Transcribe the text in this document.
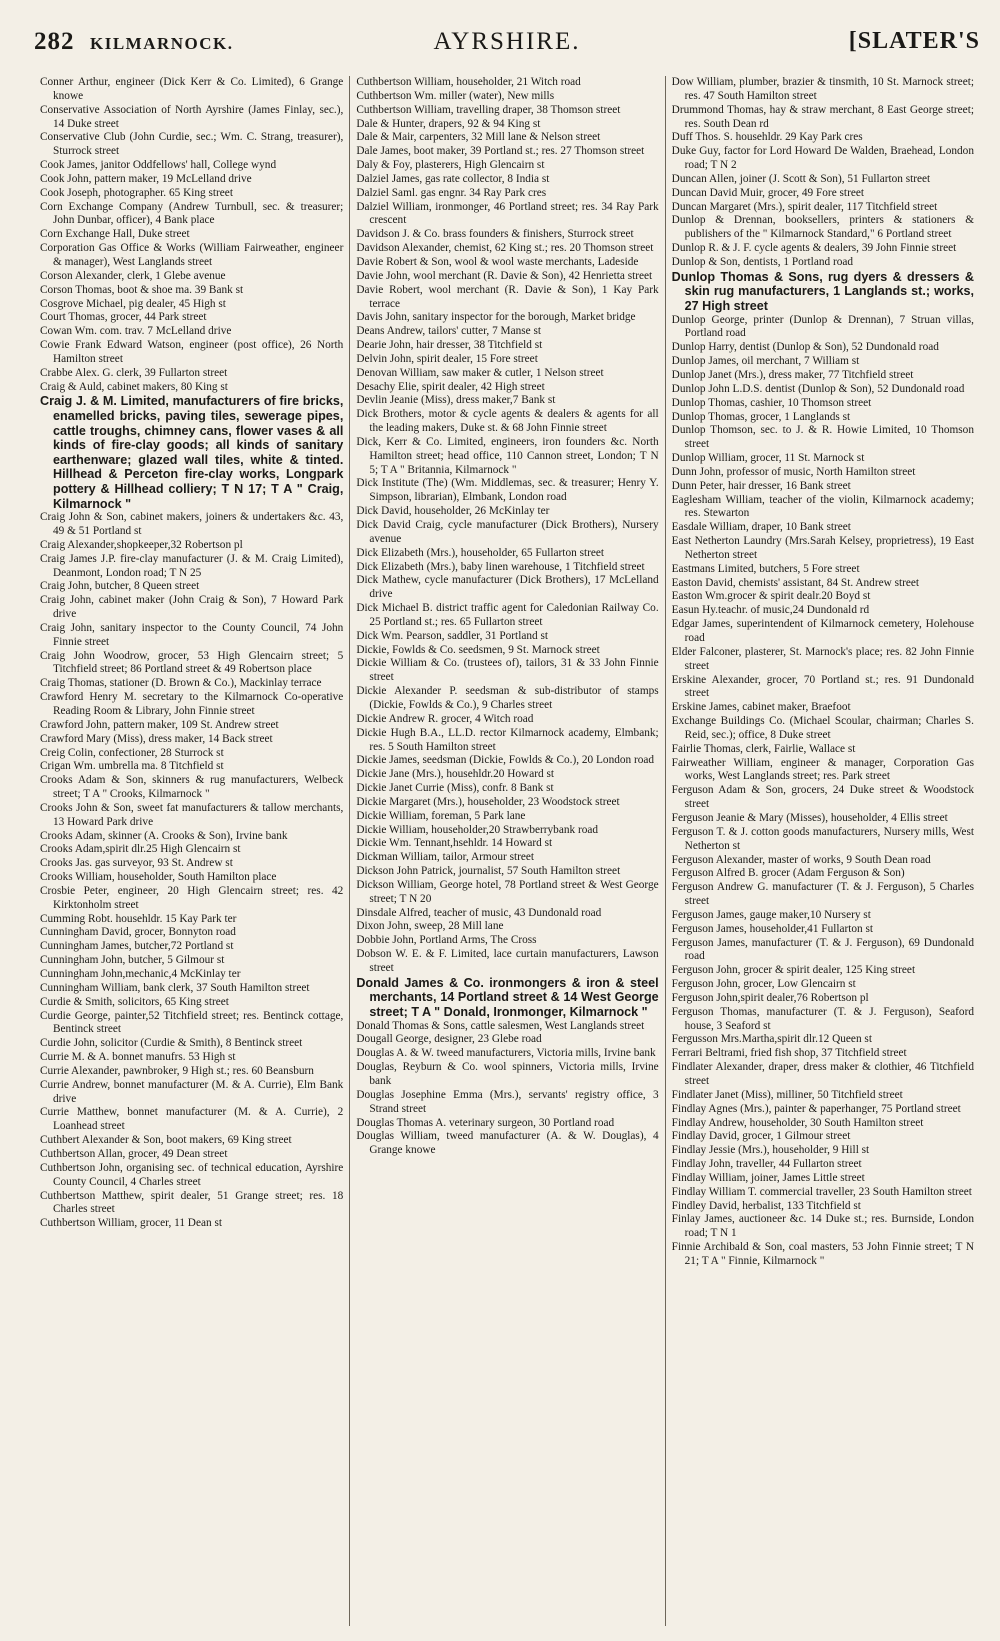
282 KILMARNOCK.	AYRSHIRE.	[SLATER'S
Conner Arthur, engineer (Dick Kerr & Co. Limited), 6 Grange knowe
Conservative Association of North Ayrshire (James Finlay, sec.), 14 Duke street
Conservative Club (John Curdie, sec.; Wm. C. Strang, treasurer), Sturrock street
Cook James, janitor Oddfellows' hall, College wynd
Cook John, pattern maker, 19 McLelland drive
Cook Joseph, photographer. 65 King street
Corn Exchange Company (Andrew Turnbull, sec. & treasurer; John Dunbar, officer), 4 Bank place
Corn Exchange Hall, Duke street
Corporation Gas Office & Works (William Fairweather, engineer & manager), West Langlands street
Corson Alexander, clerk, 1 Glebe avenue
Corson Thomas, boot & shoe ma. 39 Bank st
Cosgrove Michael, pig dealer, 45 High st
Court Thomas, grocer, 44 Park street
Cowan Wm. com. trav. 7 McLelland drive
Cowie Frank Edward Watson, engineer (post office), 26 North Hamilton street
Crabbe Alex. G. clerk, 39 Fullarton street
Craig & Auld, cabinet makers, 80 King st
Craig J. & M. Limited, manufacturers of fire bricks, enamelled bricks, paving tiles, sewerage pipes, cattle troughs, chimney cans, flower vases & all kinds of fire-clay goods; all kinds of sanitary earthenware; glazed wall tiles, white & tinted. Hillhead & Perceton fire-clay works, Longpark pottery & Hillhead colliery; T N 17; T A " Craig, Kilmarnock "
Craig John & Son, cabinet makers, joiners & undertakers &c. 43, 49 & 51 Portland st
Craig Alexander,shopkeeper,32 Robertson pl
Craig James J.P. fire-clay manufacturer (J. & M. Craig Limited), Deanmont, London road; T N 25
Craig John, butcher, 8 Queen street
Craig John, cabinet maker (John Craig & Son), 7 Howard Park drive
Craig John, sanitary inspector to the County Council, 74 John Finnie street
Craig John Woodrow, grocer, 53 High Glencairn street; 5 Titchfield street; 86 Portland street & 49 Robertson place
Craig Thomas, stationer (D. Brown & Co.), Mackinlay terrace
Crawford Henry M. secretary to the Kilmarnock Co-operative Reading Room & Library, John Finnie street
Crawford John, pattern maker, 109 St. Andrew street
Crawford Mary (Miss), dress maker, 14 Back street
Creig Colin, confectioner, 28 Sturrock st
Crigan Wm. umbrella ma. 8 Titchfield st
Crooks Adam & Son, skinners & rug manufacturers, Welbeck street; T A " Crooks, Kilmarnock "
Crooks John & Son, sweet fat manufacturers & tallow merchants, 13 Howard Park drive
Crooks Adam, skinner (A. Crooks & Son), Irvine bank
Crooks Adam,spirit dlr.25 High Glencairn st
Crooks Jas. gas surveyor, 93 St. Andrew st
Crooks William, householder, South Hamilton place
Crosbie Peter, engineer, 20 High Glencairn street; res. 42 Kirktonholm street
Cumming Robt. househldr. 15 Kay Park ter
Cunningham David, grocer, Bonnyton road
Cunningham James, butcher,72 Portland st
Cunningham John, butcher, 5 Gilmour st
Cunningham John,mechanic,4 McKinlay ter
Cunningham William, bank clerk, 37 South Hamilton street
Curdie & Smith, solicitors, 65 King street
Curdie George, painter,52 Titchfield street; res. Bentinck cottage, Bentinck street
Curdie John, solicitor (Curdie & Smith), 8 Bentinck street
Currie M. & A. bonnet manufrs. 53 High st
Currie Alexander, pawnbroker, 9 High st.; res. 60 Beansburn
Currie Andrew, bonnet manufacturer (M. & A. Currie), Elm Bank drive
Currie Matthew, bonnet manufacturer (M. & A. Currie), 2 Loanhead street
Cuthbert Alexander & Son, boot makers, 69 King street
Cuthbertson Allan, grocer, 49 Dean street
Cuthbertson John, organising sec. of technical education, Ayrshire County Council, 4 Charles street
Cuthbertson Matthew, spirit dealer, 51 Grange street; res. 18 Charles street
Cuthbertson William, grocer, 11 Dean st
Cuthbertson William, householder, 21 Witch road
Cuthbertson Wm. miller (water), New mills
Cuthbertson William, travelling draper, 38 Thomson street
Dale & Hunter, drapers, 92 & 94 King st
Dale & Mair, carpenters, 32 Mill lane & Nelson street
Dale James, boot maker, 39 Portland st.; res. 27 Thomson street
Daly & Foy, plasterers, High Glencairn st
Dalziel James, gas rate collector, 8 India st
Dalziel Saml. gas engnr. 34 Ray Park cres
Dalziel William, ironmonger, 46 Portland street; res. 34 Ray Park crescent
Davidson J. & Co. brass founders & finishers, Sturrock street
Davidson Alexander, chemist, 62 King st.; res. 20 Thomson street
Davie Robert & Son, wool & wool waste merchants, Ladeside
Davie John, wool merchant (R. Davie & Son), 42 Henrietta street
Davie Robert, wool merchant (R. Davie & Son), 1 Kay Park terrace
Davis John, sanitary inspector for the borough, Market bridge
Deans Andrew, tailors' cutter, 7 Manse st
Dearie John, hair dresser, 38 Titchfield st
Delvin John, spirit dealer, 15 Fore street
Denovan William, saw maker & cutler, 1 Nelson street
Desachy Elie, spirit dealer, 42 High street
Devlin Jeanie (Miss), dress maker,7 Bank st
Dick Brothers, motor & cycle agents & dealers & agents for all the leading makers, Duke st. & 68 John Finnie street
Dick, Kerr & Co. Limited, engineers, iron founders &c. North Hamilton street; head office, 110 Cannon street, London; T N 5; T A " Britannia, Kilmarnock "
Dick Institute (The) (Wm. Middlemas, sec. & treasurer; Henry Y. Simpson, librarian), Elmbank, London road
Dick David, householder, 26 McKinlay ter
Dick David Craig, cycle manufacturer (Dick Brothers), Nursery avenue
Dick Elizabeth (Mrs.), householder, 65 Fullarton street
Dick Elizabeth (Mrs.), baby linen warehouse, 1 Titchfield street
Dick Mathew, cycle manufacturer (Dick Brothers), 17 McLelland drive
Dick Michael B. district traffic agent for Caledonian Railway Co. 25 Portland st.; res. 65 Fullarton street
Dick Wm. Pearson, saddler, 31 Portland st
Dickie, Fowlds & Co. seedsmen, 9 St. Marnock street
Dickie William & Co. (trustees of), tailors, 31 & 33 John Finnie street
Dickie Alexander P. seedsman & sub-distributor of stamps (Dickie, Fowlds & Co.), 9 Charles street
Dickie Andrew R. grocer, 4 Witch road
Dickie Hugh B.A., LL.D. rector Kilmarnock academy, Elmbank; res. 5 South Hamilton street
Dickie James, seedsman (Dickie, Fowlds & Co.), 20 London road
Dickie Jane (Mrs.), househldr.20 Howard st
Dickie Janet Currie (Miss), confr. 8 Bank st
Dickie Margaret (Mrs.), householder, 23 Woodstock street
Dickie William, foreman, 5 Park lane
Dickie William, householder,20 Strawberrybank road
Dickie Wm. Tennant,hsehldr. 14 Howard st
Dickman William, tailor, Armour street
Dickson John Patrick, journalist, 57 South Hamilton street
Dickson William, George hotel, 78 Portland street & West George street; T N 20
Dinsdale Alfred, teacher of music, 43 Dundonald road
Dixon John, sweep, 28 Mill lane
Dobbie John, Portland Arms, The Cross
Dobson W. E. & F. Limited, lace curtain manufacturers, Lawson street
Donald James & Co. ironmongers & iron & steel merchants, 14 Portland street & 14 West George street; T A " Donald, Ironmonger, Kilmarnock "
Donald Thomas & Sons, cattle salesmen, West Langlands street
Dougall George, designer, 23 Glebe road
Douglas A. & W. tweed manufacturers, Victoria mills, Irvine bank
Douglas, Reyburn & Co. wool spinners, Victoria mills, Irvine bank
Douglas Josephine Emma (Mrs.), servants' registry office, 3 Strand street
Douglas Thomas A. veterinary surgeon, 30 Portland road
Douglas William, tweed manufacturer (A. & W. Douglas), 4 Grange knowe
Dow William, plumber, brazier & tinsmith, 10 St. Marnock street; res. 47 South Hamilton street
Drummond Thomas, hay & straw merchant, 8 East George street; res. South Dean rd
Duff Thos. S. househldr. 29 Kay Park cres
Duke Guy, factor for Lord Howard De Walden, Braehead, London road; T N 2
Duncan Allen, joiner (J. Scott & Son), 51 Fullarton street
Duncan David Muir, grocer, 49 Fore street
Duncan Margaret (Mrs.), spirit dealer, 117 Titchfield street
Dunlop & Drennan, booksellers, printers & stationers & publishers of the " Kilmarnock Standard," 6 Portland street
Dunlop R. & J. F. cycle agents & dealers, 39 John Finnie street
Dunlop & Son, dentists, 1 Portland road
Dunlop Thomas & Sons, rug dyers & dressers & skin rug manufacturers, 1 Langlands st.; works, 27 High street
Dunlop George, printer (Dunlop & Drennan), 7 Struan villas, Portland road
Dunlop Harry, dentist (Dunlop & Son), 52 Dundonald road
Dunlop James, oil merchant, 7 William st
Dunlop Janet (Mrs.), dress maker, 77 Titchfield street
Dunlop John L.D.S. dentist (Dunlop & Son), 52 Dundonald road
Dunlop Thomas, cashier, 10 Thomson street
Dunlop Thomas, grocer, 1 Langlands st
Dunlop Thomson, sec. to J. & R. Howie Limited, 10 Thomson street
Dunlop William, grocer, 11 St. Marnock st
Dunn John, professor of music, North Hamilton street
Dunn Peter, hair dresser, 16 Bank street
Eaglesham William, teacher of the violin, Kilmarnock academy; res. Stewarton
Easdale William, draper, 10 Bank street
East Netherton Laundry (Mrs.Sarah Kelsey, proprietress), 19 East Netherton street
Eastmans Limited, butchers, 5 Fore street
Easton David, chemists' assistant, 84 St. Andrew street
Easton Wm.grocer & spirit dealr.20 Boyd st
Easun Hy.teachr. of music,24 Dundonald rd
Edgar James, superintendent of Kilmarnock cemetery, Holehouse road
Elder Falconer, plasterer, St. Marnock's place; res. 82 John Finnie street
Erskine Alexander, grocer, 70 Portland st.; res. 91 Dundonald street
Erskine James, cabinet maker, Braefoot
Exchange Buildings Co. (Michael Scoular, chairman; Charles S. Reid, sec.); office, 8 Duke street
Fairlie Thomas, clerk, Fairlie, Wallace st
Fairweather William, engineer & manager, Corporation Gas works, West Langlands street; res. Park street
Ferguson Adam & Son, grocers, 24 Duke street & Woodstock street
Ferguson Jeanie & Mary (Misses), householder, 4 Ellis street
Ferguson T. & J. cotton goods manufacturers, Nursery mills, West Netherton st
Ferguson Alexander, master of works, 9 South Dean road
Ferguson Alfred B. grocer (Adam Ferguson & Son)
Ferguson Andrew G. manufacturer (T. & J. Ferguson), 5 Charles street
Ferguson James, gauge maker,10 Nursery st
Ferguson James, householder,41 Fullarton st
Ferguson James, manufacturer (T. & J. Ferguson), 69 Dundonald road
Ferguson John, grocer & spirit dealer, 125 King street
Ferguson John, grocer, Low Glencairn st
Ferguson John,spirit dealer,76 Robertson pl
Ferguson Thomas, manufacturer (T. & J. Ferguson), Seaford house, 3 Seaford st
Fergusson Mrs.Martha,spirit dlr.12 Queen st
Ferrari Beltrami, fried fish shop, 37 Titchfield street
Findlater Alexander, draper, dress maker & clothier, 46 Titchfield street
Findlater Janet (Miss), milliner, 50 Titchfield street
Findlay Agnes (Mrs.), painter & paperhanger, 75 Portland street
Findlay Andrew, householder, 30 South Hamilton street
Findlay David, grocer, 1 Gilmour street
Findlay Jessie (Mrs.), householder, 9 Hill st
Findlay John, traveller, 44 Fullarton street
Findlay William, joiner, James Little street
Findlay William T. commercial traveller, 23 South Hamilton street
Findley David, herbalist, 133 Titchfield st
Finlay James, auctioneer &c. 14 Duke st.; res. Burnside, London road; T N 1
Finnie Archibald & Son, coal masters, 53 John Finnie street; T N 21; T A " Finnie, Kilmarnock "
